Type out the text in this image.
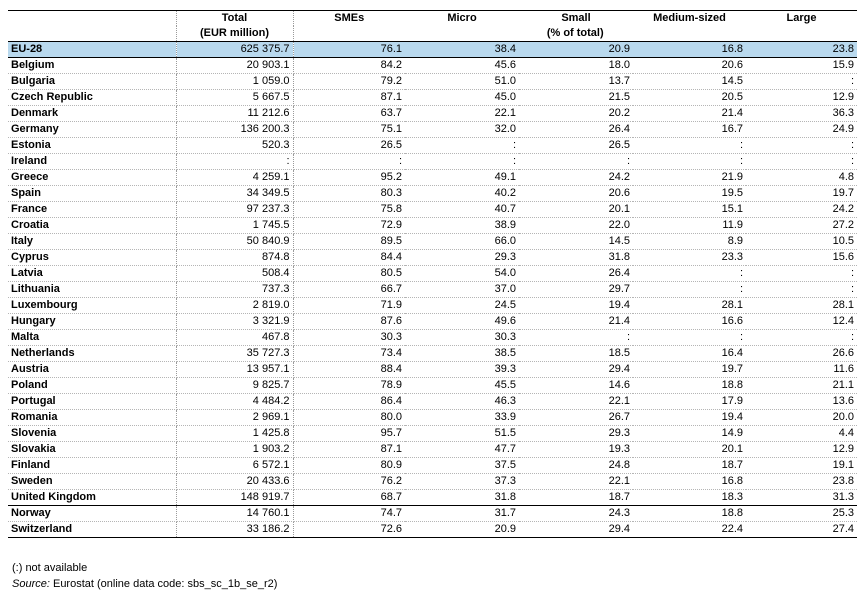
	Total	SMEs	Micro	Small	Medium-sized	Large
	(EUR million)	(% of total)				
EU-28	625 375.7	76.1	38.4	20.9	16.8	23.8
Belgium	20 903.1	84.2	45.6	18.0	20.6	15.9
Bulgaria	1 059.0	79.2	51.0	13.7	14.5	:
Czech Republic	5 667.5	87.1	45.0	21.5	20.5	12.9
Denmark	11 212.6	63.7	22.1	20.2	21.4	36.3
Germany	136 200.3	75.1	32.0	26.4	16.7	24.9
Estonia	520.3	26.5	:	26.5	:	:
Ireland	:	:	:	:	:	:
Greece	4 259.1	95.2	49.1	24.2	21.9	4.8
Spain	34 349.5	80.3	40.2	20.6	19.5	19.7
France	97 237.3	75.8	40.7	20.1	15.1	24.2
Croatia	1 745.5	72.9	38.9	22.0	11.9	27.2
Italy	50 840.9	89.5	66.0	14.5	8.9	10.5
Cyprus	874.8	84.4	29.3	31.8	23.3	15.6
Latvia	508.4	80.5	54.0	26.4	:	:
Lithuania	737.3	66.7	37.0	29.7	:	:
Luxembourg	2 819.0	71.9	24.5	19.4	28.1	28.1
Hungary	3 321.9	87.6	49.6	21.4	16.6	12.4
Malta	467.8	30.3	30.3	:	:	:
Netherlands	35 727.3	73.4	38.5	18.5	16.4	26.6
Austria	13 957.1	88.4	39.3	29.4	19.7	11.6
Poland	9 825.7	78.9	45.5	14.6	18.8	21.1
Portugal	4 484.2	86.4	46.3	22.1	17.9	13.6
Romania	2 969.1	80.0	33.9	26.7	19.4	20.0
Slovenia	1 425.8	95.7	51.5	29.3	14.9	4.4
Slovakia	1 903.2	87.1	47.7	19.3	20.1	12.9
Finland	6 572.1	80.9	37.5	24.8	18.7	19.1
Sweden	20 433.6	76.2	37.3	22.1	16.8	23.8
United Kingdom	148 919.7	68.7	31.8	18.7	18.3	31.3
Norway	14 760.1	74.7	31.7	24.3	18.8	25.3
Switzerland	33 186.2	72.6	20.9	29.4	22.4	27.4
(:) not available
Source: Eurostat (online data code: sbs_sc_1b_se_r2)
